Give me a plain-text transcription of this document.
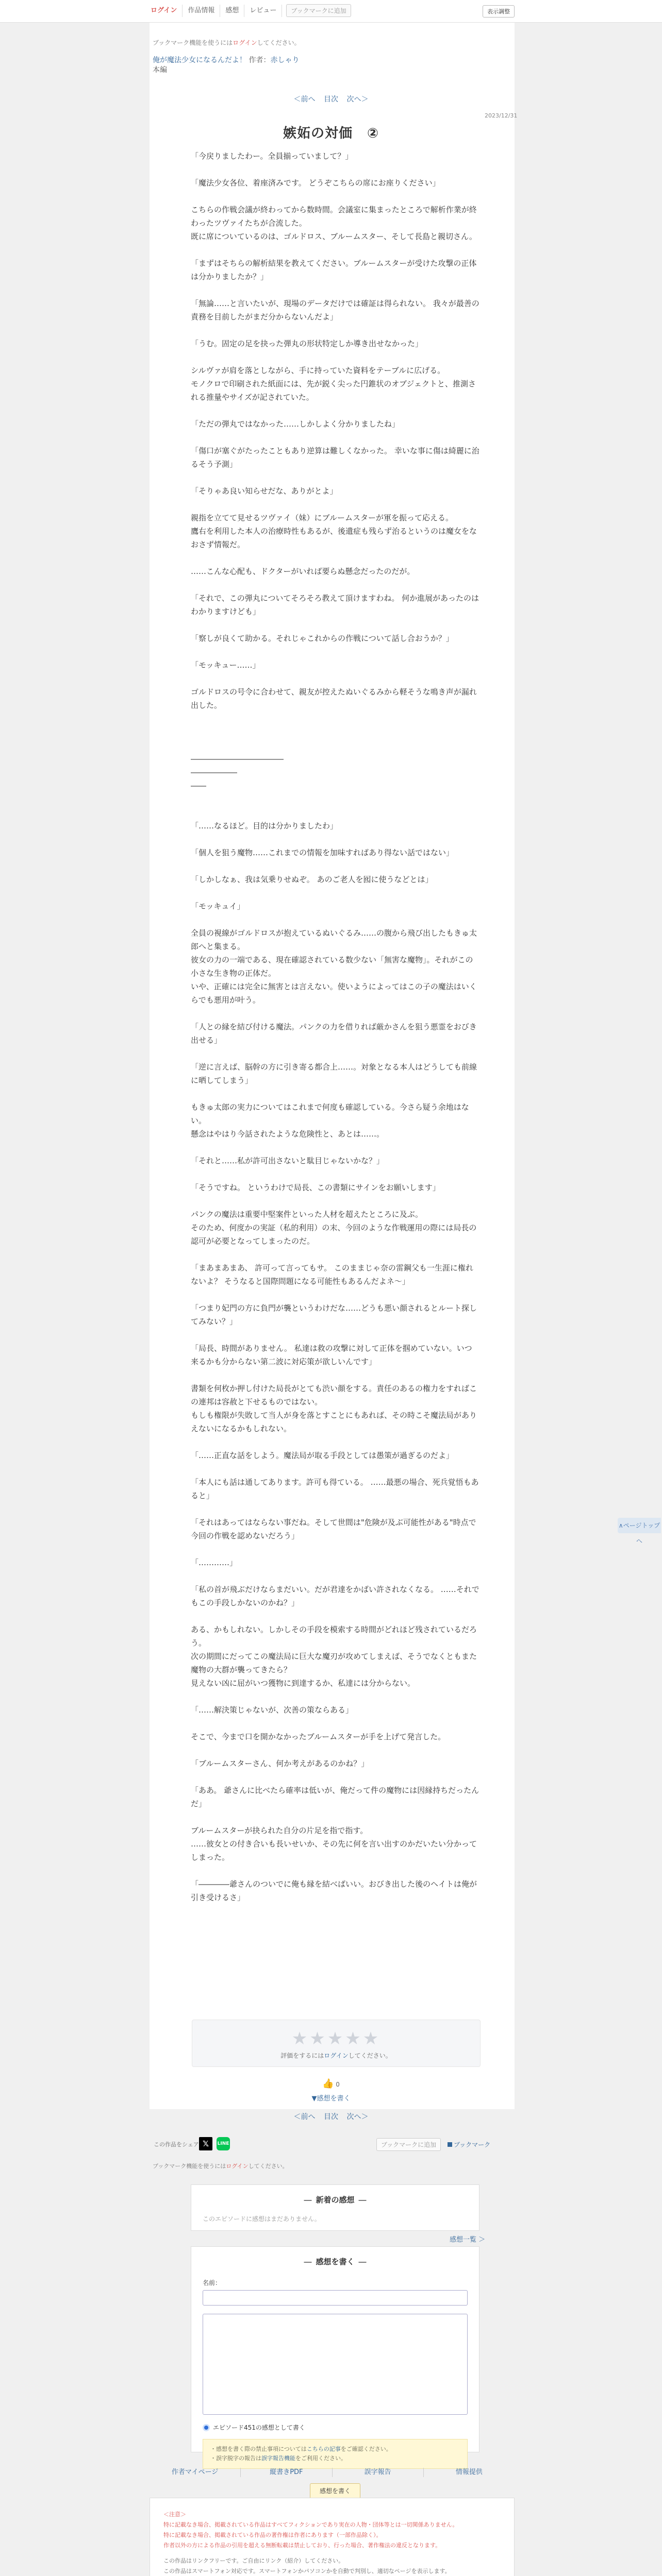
ログイン	作品情報	感想	レビュー	ブックマークに追加	表示調整
ブックマーク機能を使うにはログインしてください。
俺が魔法少女になるんだよ！ 作者：赤しゃり
本編
＜前へ 目次 次へ＞
2023/12/31
嫉妬の対価 ②

「今戻りましたわー。全員揃っていまして？」

「魔法少女各位、着座済みです。 どうぞこちらの席にお座りください」

こちらの作戦会議が終わってから数時間。会議室に集まったところで解析作業が終わったツヴァイたちが合流した。

既に席についているのは、ゴルドロス、ブルームスター、そして長島と親切さん。

「まずはそちらの解析結果を教えてください。ブルームスターが受けた攻撃の正体は分かりましたか？」

「無論……と言いたいが、現場のデータだけでは確証は得られない。 我々が最善の責務を目前したがまだ分からないんだよ」

「うむ。固定の足を抉った弾丸の形状特定しか導き出せなかった」

シルヴァが肩を落としながら、手に持っていた資料をテーブルに広げる。

モノクロで印刷された紙面には、先が鋭く尖った円錐状のオブジェクトと、推測される推量やサイズが記されていた。

「ただの弾丸ではなかった……しかしよく分かりましたね」

「傷口が塞ぐがたったこともあり逆算は難しくなかった。 幸いな事に傷は綺麗に治るそう予測」

「そりゃあ良い知らせだな、ありがとよ」

親指を立てて見せるツヴァイ（妹）にブルームスターが軍を振って応える。

鷹右を利用した本人の治療時性もあるが、後遺症も残らず治るというのは魔女をなおさず情報だ。

……こんな心配も、ドクターがいれば要らぬ懸念だったのだが。

「それで、この弾丸についてそろそろ教えて頂けますわね。 何か進展があったのはわかりますけども」

「察しが良くて助かる。それじゃこれからの作戦について話し合おうか？」

「モッキュー……」

ゴルドロスの号令に合わせて、親友が控えたぬいぐるみから軽そうな鳴き声が漏れ出した。

――――――――――――

――――――

――

「……なるほど。目的は分かりましたわ」

「個人を狙う魔物……これまでの情報を加味すればあり得ない話ではない」

「しかしなぁ、我は気乗りせぬぞ。 あのご老人を囮に使うなどとは」

「モッキュイ」

全員の視線がゴルドロスが抱えているぬいぐるみ……の腹から飛び出したもきゅ太郎へと集まる。

彼女の力の一端である、現在確認されている数少ない「無害な魔物」。それがこの小さな生き物の正体だ。

いや、正確には完全に無害とは言えない。使いようによってはこの子の魔法はいくらでも悪用が叶う。

「人との縁を結び付ける魔法。パンクの力を借りれば厳かさんを狙う悪霊をおびき出せる」

「逆に言えば、脳幹の方に引き寄る都合上……。対象となる本人はどうしても前線に晒してしまう」

もきゅ太郎の実力についてはこれまで何度も確認している。今さら疑う余地はない。

懸念はやはり今話されたような危険性と、あとは……。

「それと……私が許可出さないと駄目じゃないかな？」

「そうですね。 というわけで局長、この書類にサインをお願いします」

パンクの魔法は重要中堅案件といった人材を超えたところに及ぶ。

そのため、何度かの実証（私的利用）の末、今回のような作戦運用の際には局長の認可が必要となってしまったのだ。

「まあまあまあ、 許可って言ってもサ。 このままじゃ奈の雷鋼父も一生涯に権れないよ？ そうなると国際問題になる可能性もあるんだよネ～」

「つまり妃門の方に負門が襲というわけだな……どうも悪い顔されるとルート探してみない？」

「局長、時間がありません。 私達は救の攻撃に対して正体を掴めていない。いつ来るかも分からない第二波に対応策が欲しいんです」

書類を何枚か押し付けた局長がとても渋い顔をする。責任のあるの権力をすればこの連邦は容赦と下せるものではない。

もしも権限が失敗して当人が身を落とすことにもあれば、その時こそ魔法局がありえないになるかもしれない。

「……正直な話をしよう。魔法局が取る手段としては愚策が過ぎるのだよ」

「本人にも話は通してあります。許可も得ている。 ……最悪の場合、死兵覚悟もあると」

「それはあってはならない事だね。そして世間は"危険が及ぶ可能性がある"時点で今回の作戦を認めないだろう」

「…………」

「私の首が飛ぶだけならまだいい。だが君達をかばい許されなくなる。 ……それでもこの手段しかないのかね？」

ある、かもしれない。しかしその手段を模索する時間がどれほど残されているだろう。

次の期間にだってこの魔法局に巨大な魔刃が攻めてしまえば、そうでなくともまた魔物の大群が襲ってきたら？

見えない凶に屈がいつ獲物に到達するか、私達には分からない。

「……解決策じゃないが、次善の策ならある」

そこで、今まで口を開かなかったブルームスターが手を上げて発言した。

「ブルームスターさん、何か考えがあるのかね？」

「ああ。 爺さんに比べたら確率は低いが、俺だって件の魔物には因縁持ちだったんだ」

ブルームスターが抉られた自分の片足を指で指す。

……彼女との付き合いも長いせいか、その先に何を言い出すのかだいたい分かってしまった。

「――――爺さんのついでに俺も縁を結べばいい。おびき出した後のヘイトは俺が引き受けるさ」

★★★★★
評価をするにはログインしてください。
👍 0
▼感想を書く
＜前へ 目次 次へ＞
この作品をシェア 𝕏	LINE	ブックマークに追加	ブックマーク
ブックマーク機能を使うにはログインしてください。
― 新着の感想 ―
このエピソードに感想はまだありません。
感想一覧 ＞
― 感想を書く ―
名前：
エピソード451の感想として書く
・感想を書く際の禁止事項についてはこちらの記事をご確認ください。
・誤字脱字の報告は誤字報告機能をご利用ください。
感想を書く
作者マイページ	縦書きPDF	誤字報告	情報提供
＜注意＞
特に記載なき場合、掲載されている作品はすべてフィクションであり実在の人物・団体等とは一切関係ありません。
特に記載なき場合、掲載されている作品の著作権は作者にあります（一部作品除く）。
作者以外の方による作品の引用を超える無断転載は禁止しており、行った場合、著作権法の違反となります。
この作品はリンクフリーです。ご自由にリンク（紹介）してください。
この作品はスマートフォン対応です。スマートフォンかパソコンかを自動で判別し、適切なページを表示します。
∧ページトップへ
